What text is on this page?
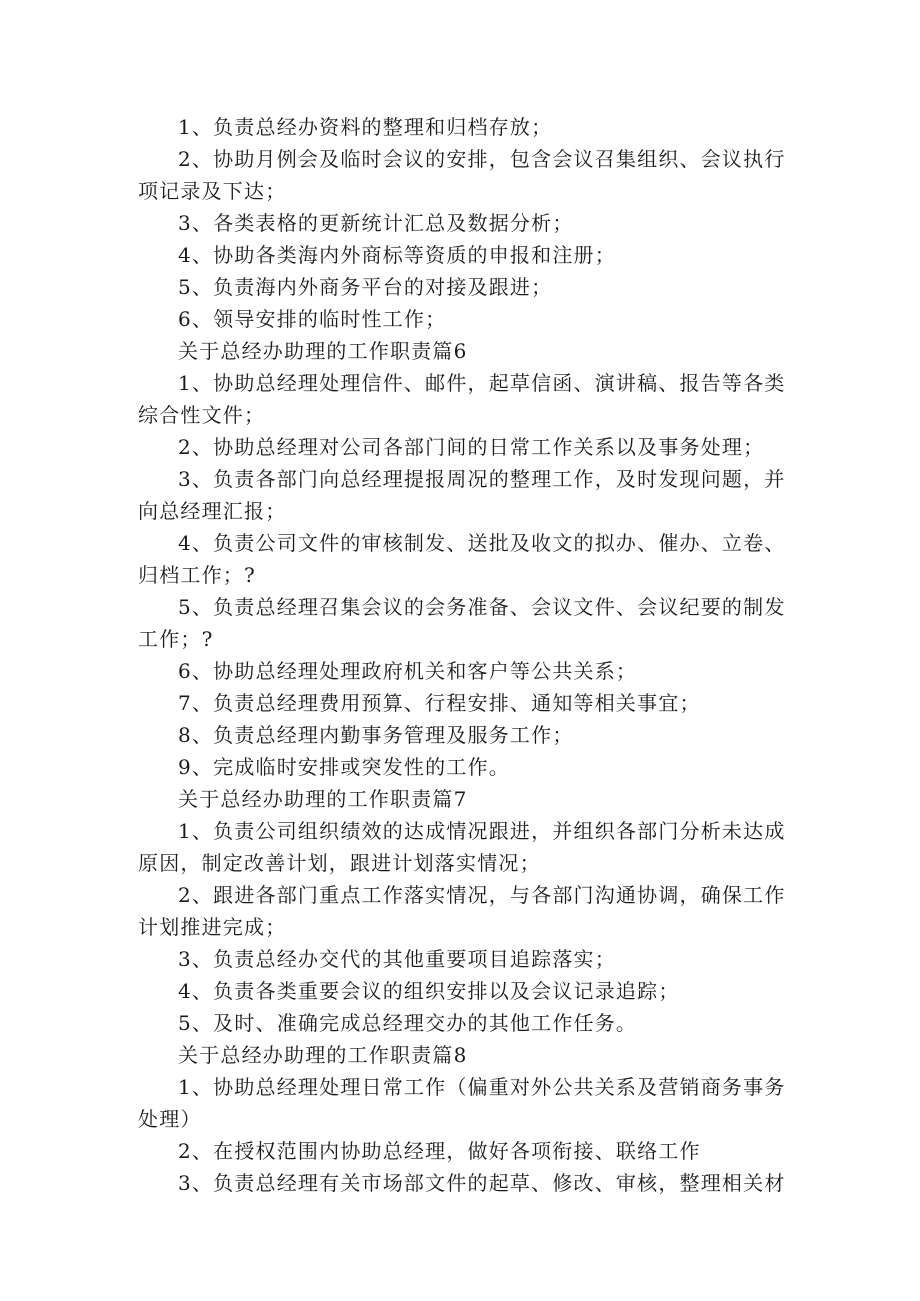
1、负责总经办资料的整理和归档存放；

2、协助月例会及临时会议的安排，包含会议召集组织、会议执行项记录及下达；

3、各类表格的更新统计汇总及数据分析；

4、协助各类海内外商标等资质的申报和注册；

5、负责海内外商务平台的对接及跟进；

6、领导安排的临时性工作；

关于总经办助理的工作职责篇6

1、协助总经理处理信件、邮件，起草信函、演讲稿、报告等各类综合性文件；

2、协助总经理对公司各部门间的日常工作关系以及事务处理；

3、负责各部门向总经理提报周况的整理工作，及时发现问题，并向总经理汇报；

4、负责公司文件的审核制发、送批及收文的拟办、催办、立卷、归档工作；?

5、负责总经理召集会议的会务准备、会议文件、会议纪要的制发工作；?

6、协助总经理处理政府机关和客户等公共关系；

7、负责总经理费用预算、行程安排、通知等相关事宜；

8、负责总经理内勤事务管理及服务工作；

9、完成临时安排或突发性的工作。

关于总经办助理的工作职责篇7

1、负责公司组织绩效的达成情况跟进，并组织各部门分析未达成原因，制定改善计划，跟进计划落实情况；

2、跟进各部门重点工作落实情况，与各部门沟通协调，确保工作计划推进完成；

3、负责总经办交代的其他重要项目追踪落实；

4、负责各类重要会议的组织安排以及会议记录追踪；

5、及时、准确完成总经理交办的其他工作任务。

关于总经办助理的工作职责篇8

1、协助总经理处理日常工作（偏重对外公共关系及营销商务事务处理）

2、在授权范围内协助总经理，做好各项衔接、联络工作

3、负责总经理有关市场部文件的起草、修改、审核，整理相关材
